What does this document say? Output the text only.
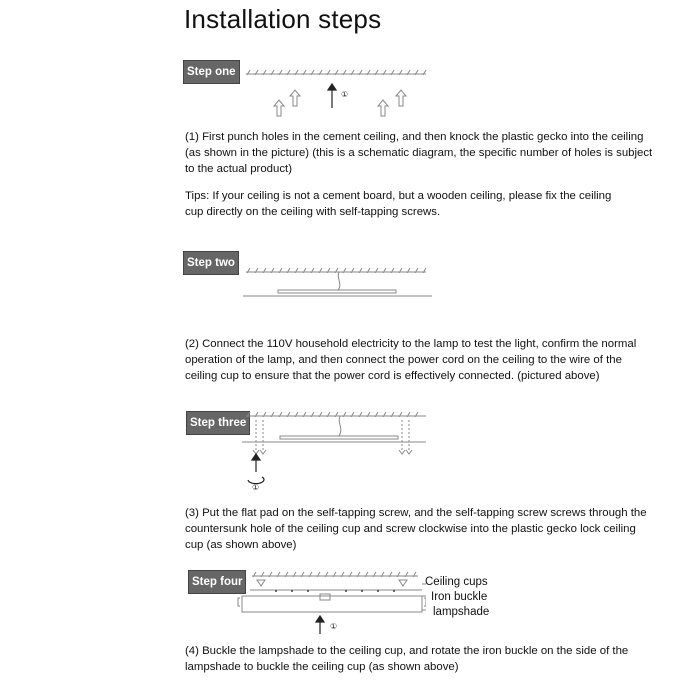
Installation steps
Step one
①

(1) First punch holes in the cement ceiling, and then knock the plastic gecko into the ceiling (as shown in the picture) (this is a schematic diagram, the specific number of holes is subject to the actual product)

Tips: If your ceiling is not a cement board, but a wooden ceiling, please fix the ceiling cup directly on the ceiling with self-tapping screws.

Step two

(2) Connect the 110V household electricity to the lamp to test the light, confirm the normal operation of the lamp, and then connect the power cord on the ceiling to the wire of the ceiling cup to ensure that the power cord is effectively connected. (pictured above)

Step three
①

(3) Put the flat pad on the self-tapping screw, and the self-tapping screw screws through the countersunk hole of the ceiling cup and screw clockwise into the plastic gecko lock ceiling cup (as shown above)

Step four
①
Ceiling cups
Iron buckle
lampshade

(4) Buckle the lampshade to the ceiling cup, and rotate the iron buckle on the side of the lampshade to buckle the ceiling cup (as shown above)
